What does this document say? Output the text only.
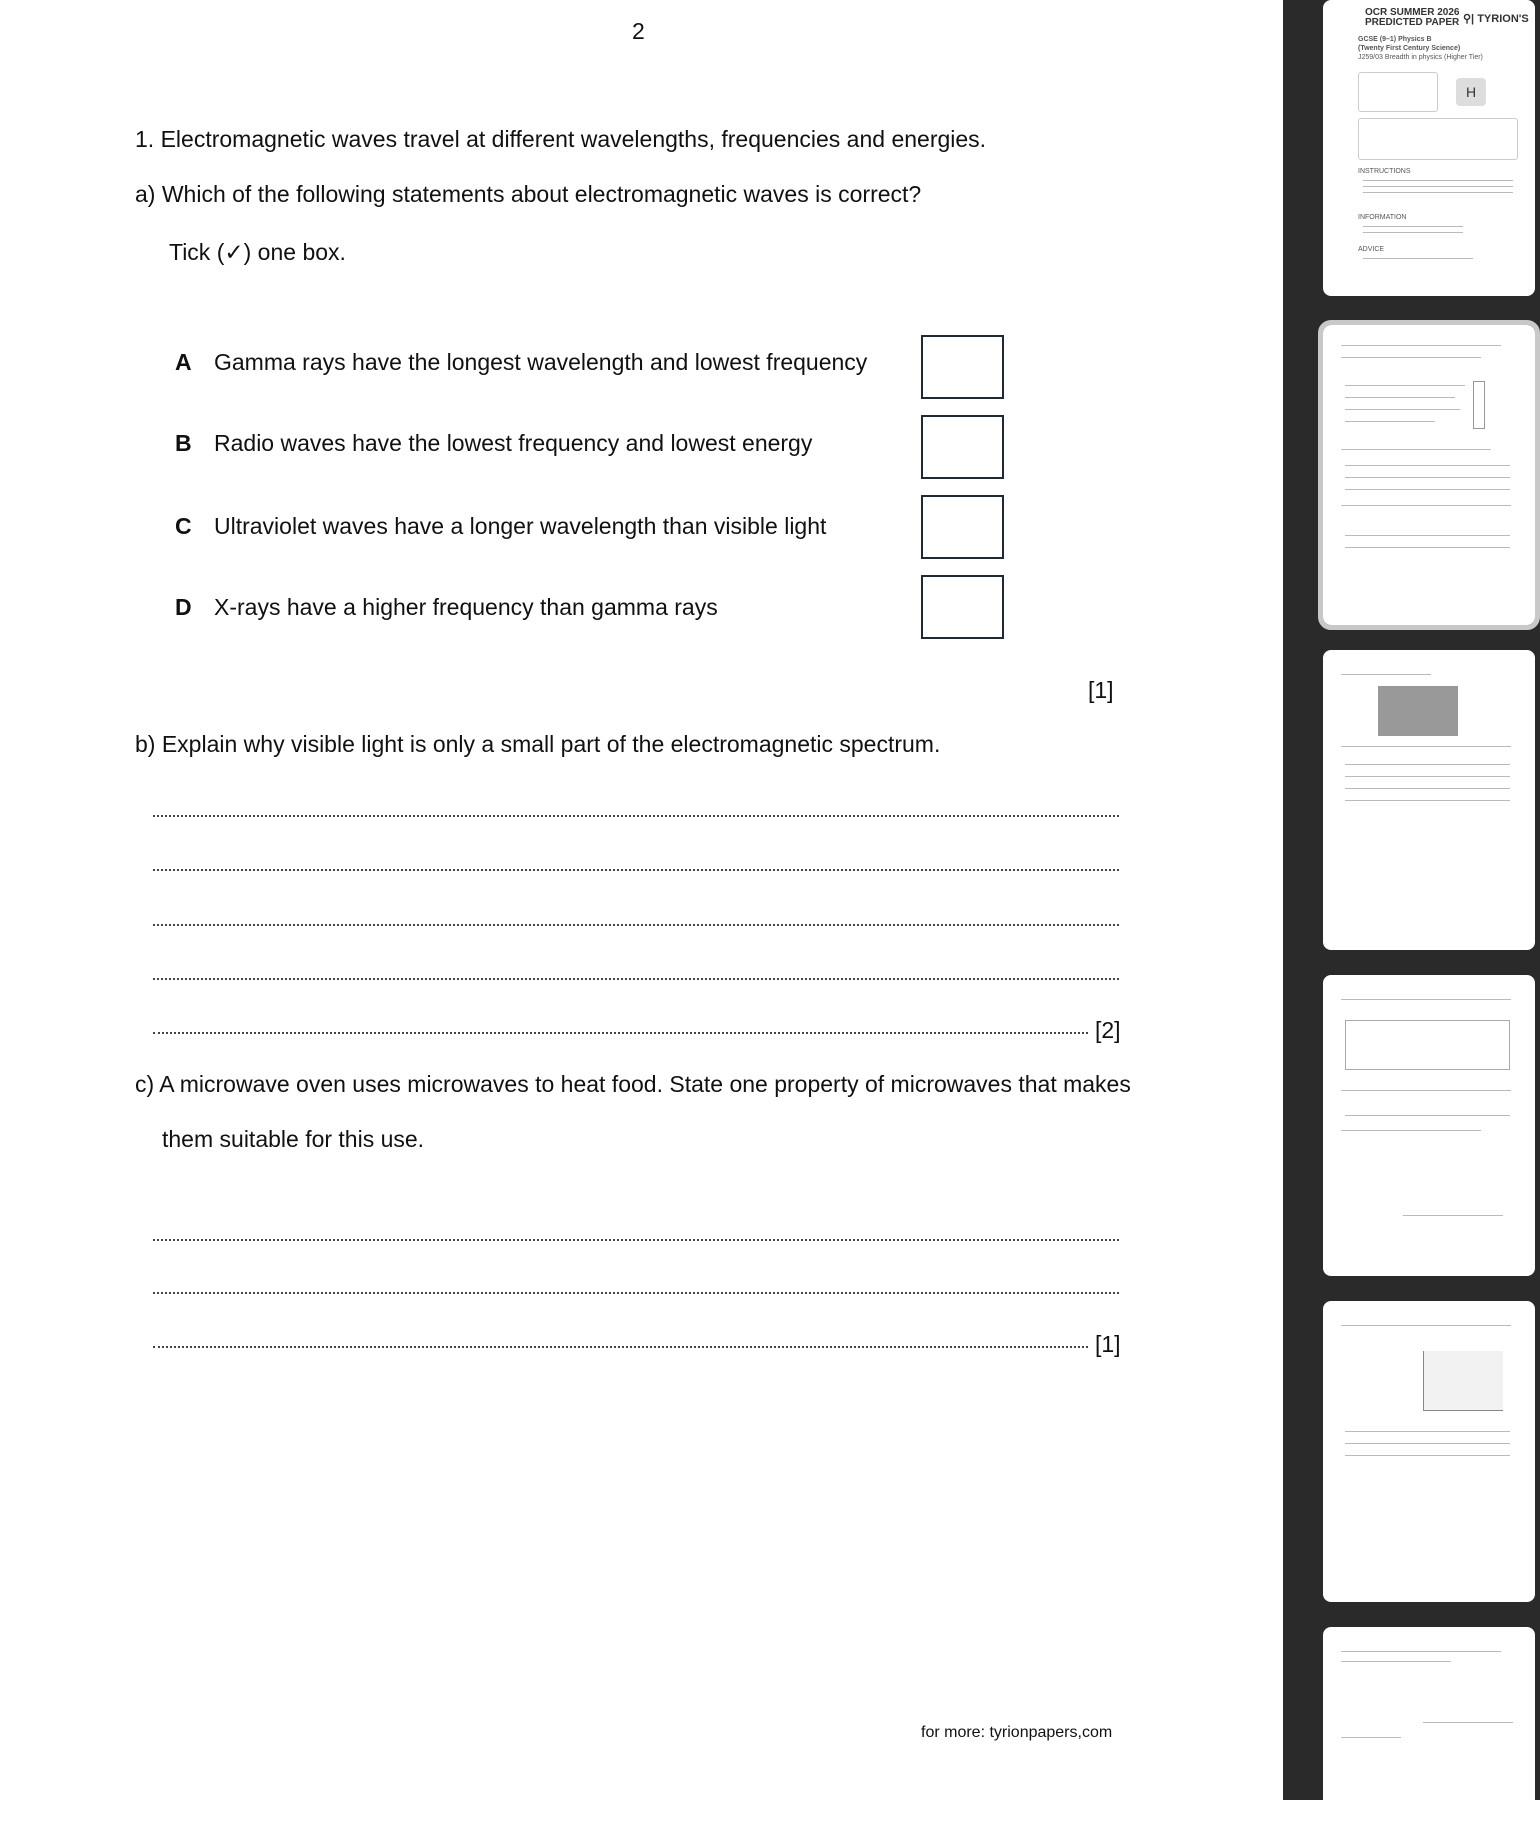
2
1. Electromagnetic waves travel at different wavelengths, frequencies and energies.
a) Which of the following statements about electromagnetic waves is correct?
Tick (✓) one box.
A Gamma rays have the longest wavelength and lowest frequency
B Radio waves have the lowest frequency and lowest energy
C Ultraviolet waves have a longer wavelength than visible light
D X-rays have a higher frequency than gamma rays
[1]
b) Explain why visible light is only a small part of the electromagnetic spectrum.
[2]
c) A microwave oven uses microwaves to heat food. State one property of microwaves that makes
them suitable for this use.
[1]
for more: tyrionpapers,com
OCR SUMMER 2026
PREDICTED PAPER ⚲| TYRION'S
GCSE (9–1) Physics B
(Twenty First Century Science)
J259/03 Breadth in physics (Higher Tier)
H
INSTRUCTIONS
INFORMATION
ADVICE
